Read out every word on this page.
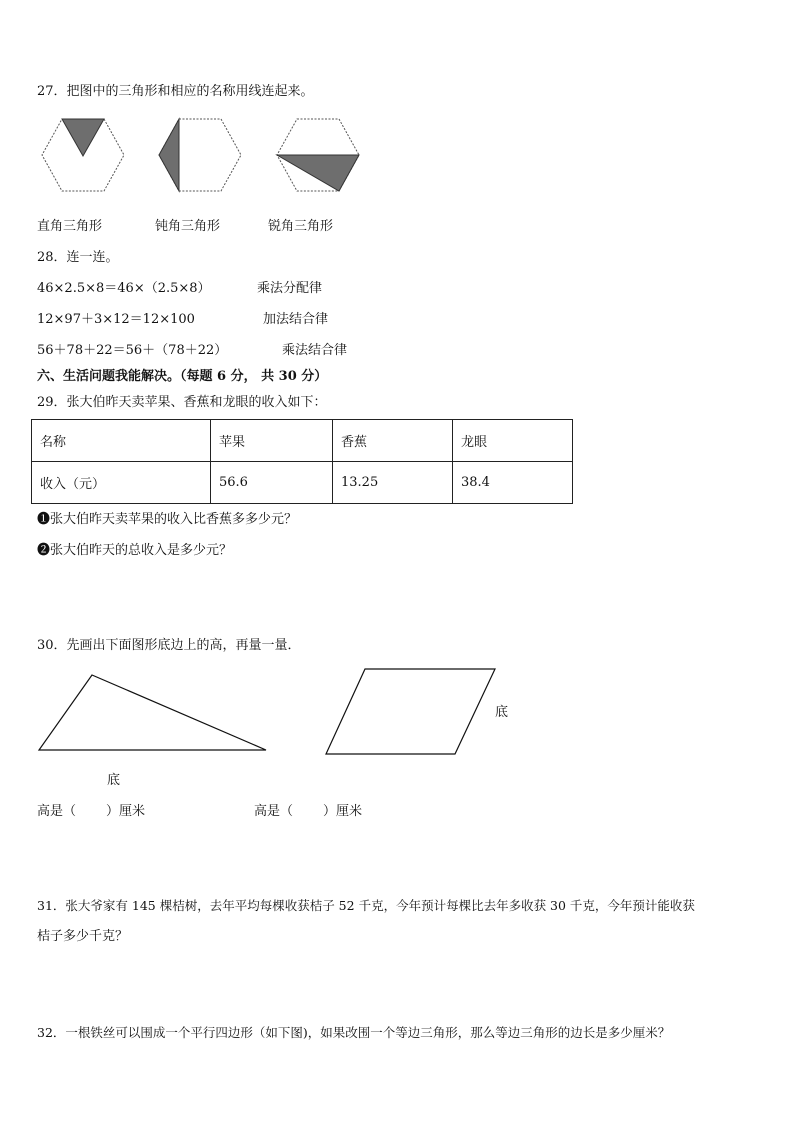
27．把图中的三角形和相应的名称用线连起来。
直角三角形	钝角三角形	锐角三角形
28．连一连。
46×2.5×8＝46×（2.5×8）	乘法分配律
12×97＋3×12＝12×100	加法结合律
56＋78＋22＝56＋（78＋22）	乘法结合律
六、生活问题我能解决。（每题 6 分， 共 30 分）
29．张大伯昨天卖苹果、香蕉和龙眼的收入如下：
名称	苹果	香蕉	龙眼
收入（元）	56.6	13.25	38.4
❶张大伯昨天卖苹果的收入比香蕉多多少元？
❷张大伯昨天的总收入是多少元？
30．先画出下面图形底边上的高，再量一量．
底
底
高是（ ）厘米	高是（ ）厘米
31．张大爷家有 145 棵桔树，去年平均每棵收获桔子 52 千克，今年预计每棵比去年多收获 30 千克，今年预计能收获
桔子多少千克？
32．一根铁丝可以围成一个平行四边形（如下图)，如果改围一个等边三角形，那么等边三角形的边长是多少厘米？
